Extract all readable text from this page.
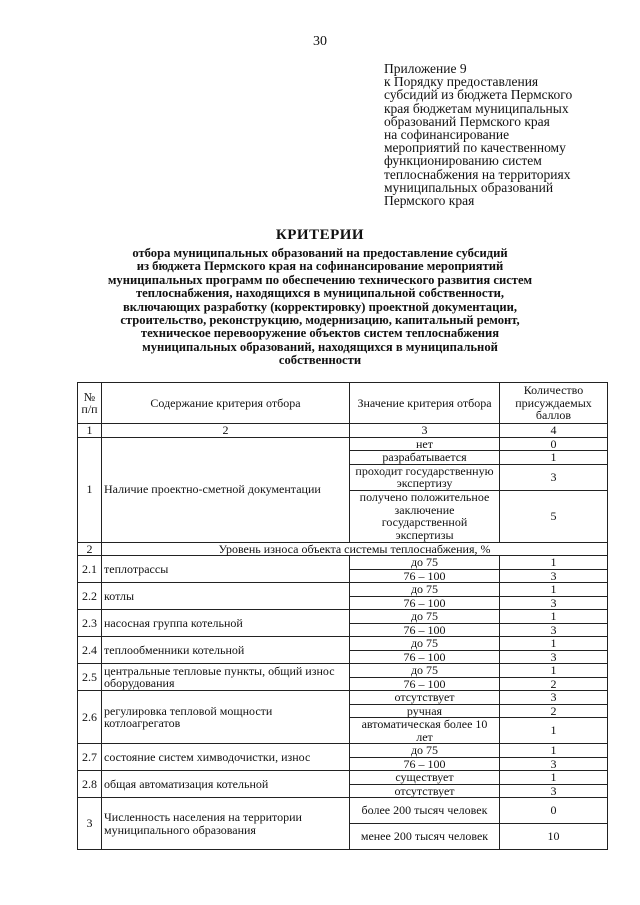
30
Приложение 9
к Порядку предоставления
субсидий из бюджета Пермского
края бюджетам муниципальных
образований Пермского края
на софинансирование
мероприятий по качественному
функционированию систем
теплоснабжения на территориях
муниципальных образований
Пермского края
КРИТЕРИИ
отбора муниципальных образований на предоставление субсидий
из бюджета Пермского края на софинансирование мероприятий
муниципальных программ по обеспечению технического развития систем
теплоснабжения, находящихся в муниципальной собственности,
включающих разработку (корректировку) проектной документации,
строительство, реконструкцию, модернизацию, капитальный ремонт,
техническое перевооружение объектов систем теплоснабжения
муниципальных образований, находящихся в муниципальной
собственности
№ п/п	Содержание критерия отбора	Значение критерия отбора	Количество присуждаемых баллов
1	2	3	4
1	Наличие проектно-сметной документации	нет	0
		разрабатывается	1
		проходит государственную экспертизу	3
		получено положительное заключение государственной экспертизы	5
2	Уровень износа объекта системы теплоснабжения, %		
2.1	теплотрассы	до 75	1
		76 – 100	3
2.2	котлы	до 75	1
		76 – 100	3
2.3	насосная группа котельной	до 75	1
		76 – 100	3
2.4	теплообменники котельной	до 75	1
		76 – 100	3
2.5	центральные тепловые пункты, общий износ оборудования	до 75	1
		76 – 100	2
2.6	регулировка тепловой мощности котлоагрегатов	отсутствует	3
		ручная	2
		автоматическая более 10 лет	1
2.7	состояние систем химводочистки, износ	до 75	1
		76 – 100	3
2.8	общая автоматизация котельной	существует	1
		отсутствует	3
3	Численность населения на территории муниципального образования	более 200 тысяч человек	0
		менее 200 тысяч человек	10
